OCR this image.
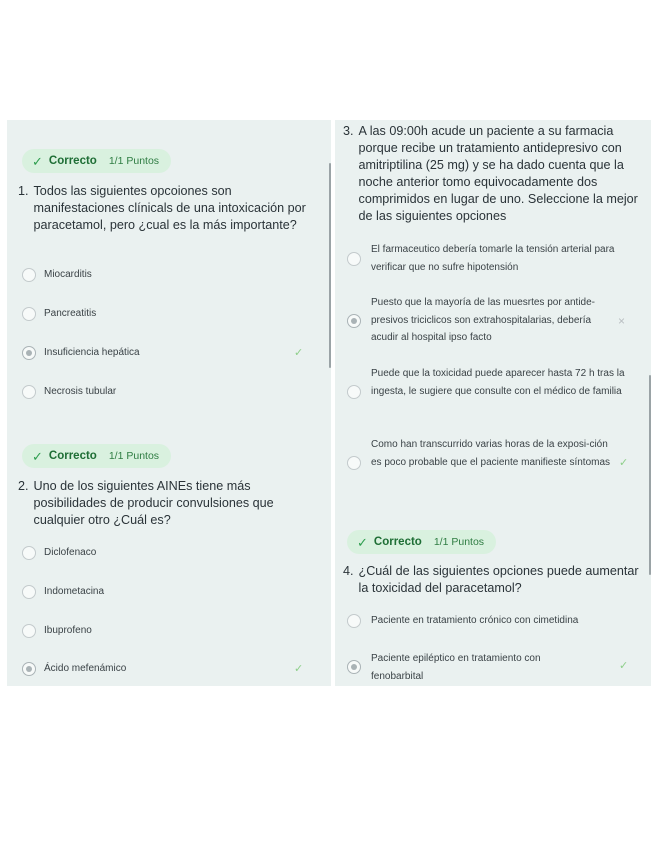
✓ Correcto 1/1 Puntos
1. Todos las siguientes opcoiones son manifestaciones clínicals de una intoxicación por paracetamol, pero ¿cual es la más importante?
Miocarditis
Pancreatitis
Insuficiencia hepática	✓
Necrosis tubular
✓ Correcto 1/1 Puntos
2. Uno de los siguientes AINEs tiene más posibilidades de producir convulsiones que cualquier otro ¿Cuál es?
Diclofenaco
Indometacina
Ibuprofeno
Ácido mefenámico	✓
3. A las 09:00h acude un paciente a su farmacia porque recibe un tratamiento antidepresivo con amitriptilina (25 mg) y se ha dado cuenta que la noche anterior tomo equivocadamente dos comprimidos en lugar de uno. Seleccione la mejor de las siguientes opciones
El farmaceutico debería tomarle la tensión arterial para verificar que no sufre hipotensión
Puesto que la mayoría de las muesrtes por antide-presivos triciclicos son extrahospitalarias, debería acudir al hospital ipso facto
×
Puede que la toxicidad puede aparecer hasta 72 h tras la ingesta, le sugiere que consulte con el médico de familia
Como han transcurrido varias horas de la exposi-ción es poco probable que el paciente manifieste síntomas ✓
✓ Correcto 1/1 Puntos
4. ¿Cuál de las siguientes opciones puede aumentar la toxicidad del paracetamol?
Paciente en tratamiento crónico con cimetidina
Paciente epiléptico en tratamiento con fenobarbital
✓
